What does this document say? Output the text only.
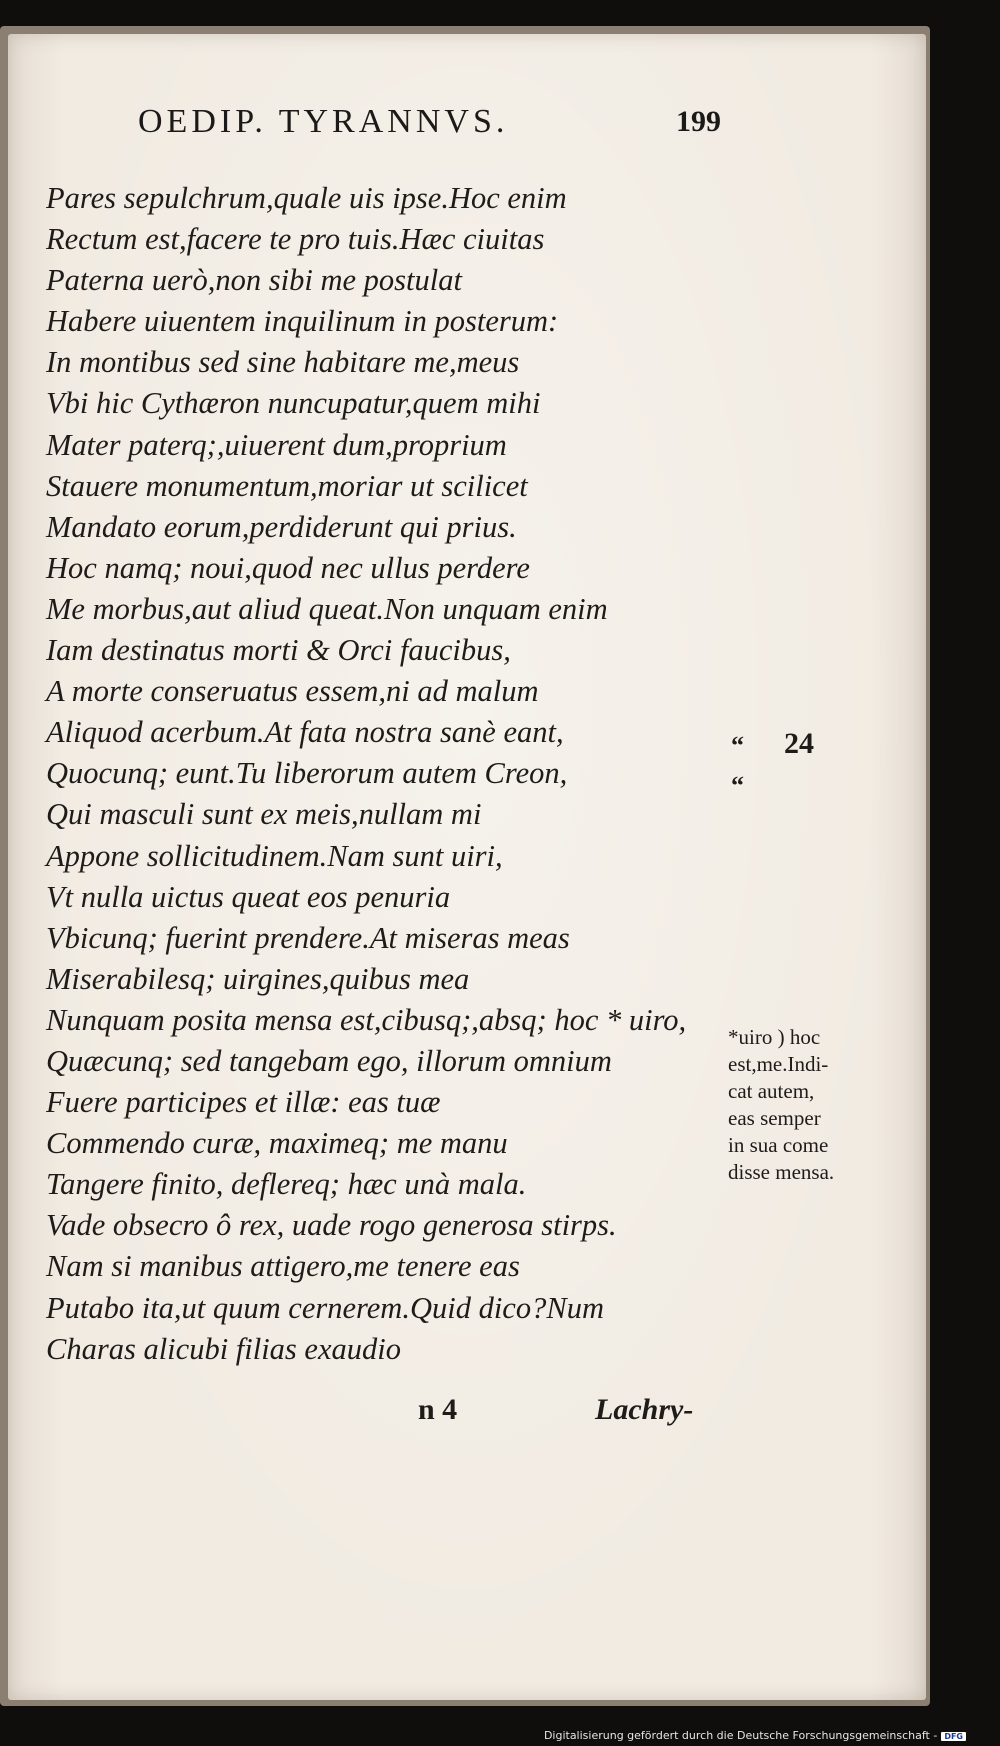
OEDIP. TYRANNVS.	199
Pares sepulchrum,quale uis ipse.Hoc enim
Rectum est,facere te pro tuis.Hæc ciuitas
Paterna uerò,non sibi me postulat
Habere uiuentem inquilinum in posterum:
In montibus sed sine habitare me,meus
Vbi hic Cythæron nuncupatur,quem mihi
Mater paterq;,uiuerent dum,proprium
Stauere monumentum,moriar ut scilicet
Mandato eorum,perdiderunt qui prius.
Hoc namq; noui,quod nec ullus perdere
Me morbus,aut aliud queat.Non unquam enim
Iam destinatus morti & Orci faucibus,
A morte conseruatus essem,ni ad malum
Aliquod acerbum.At fata nostra sanè eant,
Quocunq; eunt.Tu liberorum autem Creon,
Qui masculi sunt ex meis,nullam mi
Appone sollicitudinem.Nam sunt uiri,
Vt nulla uictus queat eos penuria
Vbicunq; fuerint prendere.At miseras meas
Miserabilesq; uirgines,quibus mea
Nunquam posita mensa est,cibusq;,absq; hoc * uiro,
Quæcunq; sed tangebam ego, illorum omnium
Fuere participes et illæ: eas tuæ
Commendo curæ, maximeq; me manu
Tangere finito, deflereq; hæc unà mala.
Vade obsecro ô rex, uade rogo generosa stirps.
Nam si manibus attigero,me tenere eas
Putabo ita,ut quum cernerem.Quid dico?Num
Charas alicubi filias exaudio
“
“
24
*uiro ) hoc
est,me.Indi-
cat autem,
eas semper
in sua come
disse mensa.
n 4	Lachry-
Digitalisierung gefördert durch die Deutsche Forschungsgemeinschaft - DFG
